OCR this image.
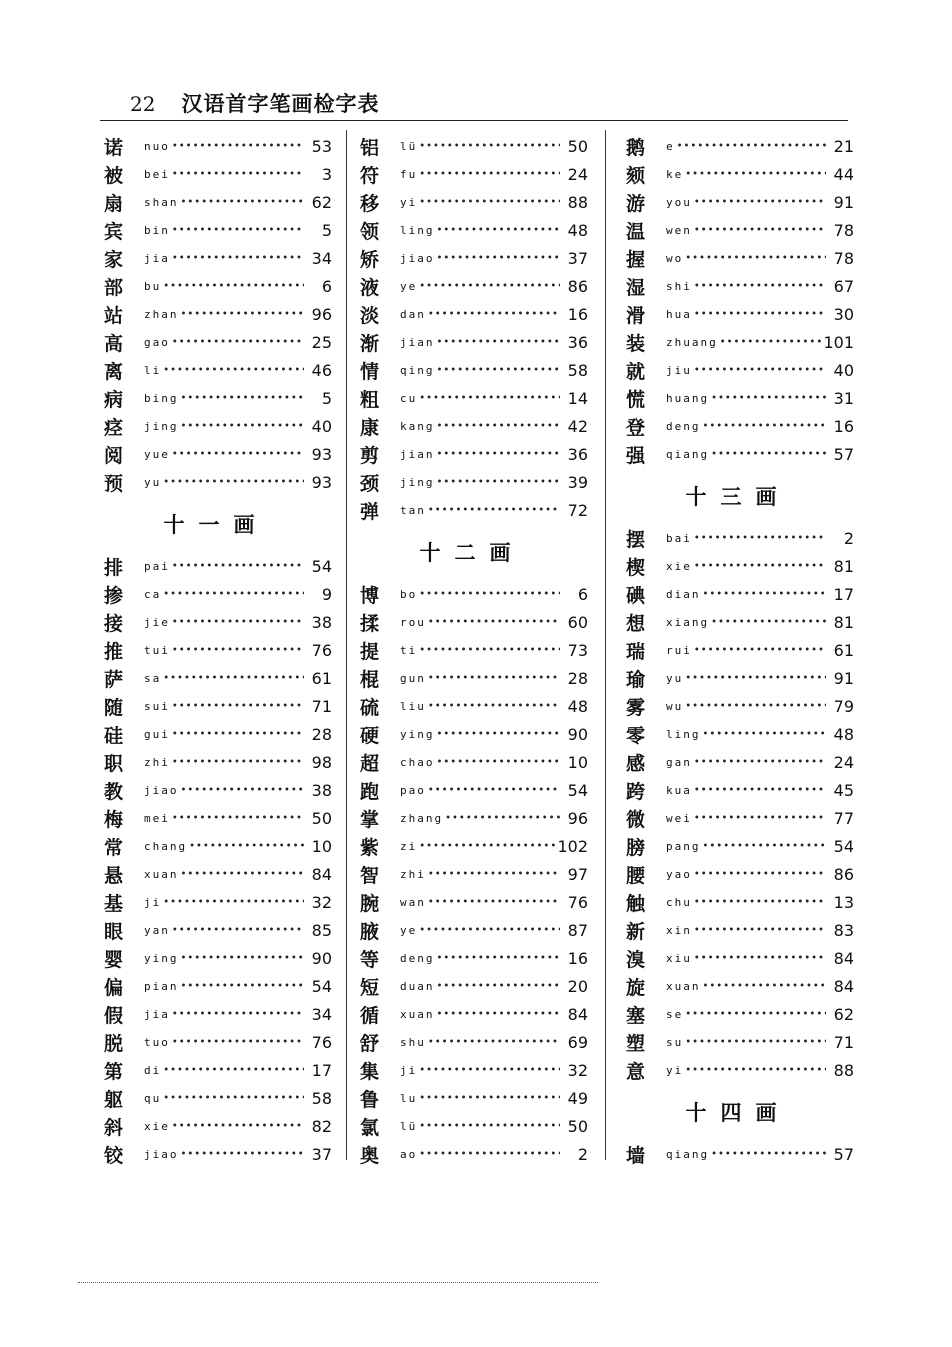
22 汉语首字笔画检字表
诺	nuo •••••	53
被	bei •••••	3
扇	shan •••••	62
宾	bin •••••	5
家	jia •••••	34
部	bu •••••	6
站	zhan •••••	96
高	gao •••••	25
离	li •••••	46
病	bing •••••	5
痉	jing •••••	40
阅	yue •••••	93
预	yu •••••	93
十一画
排	pai •••••	54
掺	ca •••••	9
接	jie •••••	38
推	tui •••••	76
萨	sa •••••	61
随	sui •••••	71
硅	gui •••••	28
职	zhi •••••	98
教	jiao •••••	38
梅	mei •••••	50
常	chang •••••	10
悬	xuan •••••	84
基	ji •••••	32
眼	yan •••••	85
婴	ying •••••	90
偏	pian •••••	54
假	jia •••••	34
脱	tuo •••••	76
第	di •••••	17
躯	qu •••••	58
斜	xie •••••	82
铰	jiao •••••	37
铝	lü •••••	50
符	fu •••••	24
移	yi •••••	88
领	ling •••••	48
矫	jiao •••••	37
液	ye •••••	86
淡	dan •••••	16
渐	jian •••••	36
情	qing •••••	58
粗	cu •••••	14
康	kang •••••	42
剪	jian •••••	36
颈	jing •••••	39
弹	tan •••••	72
十二画
博	bo •••••	6
揉	rou •••••	60
提	ti •••••	73
棍	gun •••••	28
硫	liu •••••	48
硬	ying •••••	90
超	chao •••••	10
跑	pao •••••	54
掌	zhang •••••	96
紫	zi •••••	102
智	zhi •••••	97
腕	wan •••••	76
腋	ye •••••	87
等	deng •••••	16
短	duan •••••	20
循	xuan •••••	84
舒	shu •••••	69
集	ji •••••	32
鲁	lu •••••	49
氯	lü •••••	50
奥	ao •••••	2
鹅	e •••••	21
颏	ke •••••	44
游	you •••••	91
温	wen •••••	78
握	wo •••••	78
湿	shi •••••	67
滑	hua •••••	30
装	zhuang •••••	101
就	jiu •••••	40
慌	huang •••••	31
登	deng •••••	16
强	qiang •••••	57
十三画
摆	bai •••••	2
楔	xie •••••	81
碘	dian •••••	17
想	xiang •••••	81
瑞	rui •••••	61
瑜	yu •••••	91
雾	wu •••••	79
零	ling •••••	48
感	gan •••••	24
跨	kua •••••	45
微	wei •••••	77
膀	pang •••••	54
腰	yao •••••	86
触	chu •••••	13
新	xin •••••	83
溴	xiu •••••	84
旋	xuan •••••	84
塞	se •••••	62
塑	su •••••	71
意	yi •••••	88
十四画
墙	qiang •••••	57
